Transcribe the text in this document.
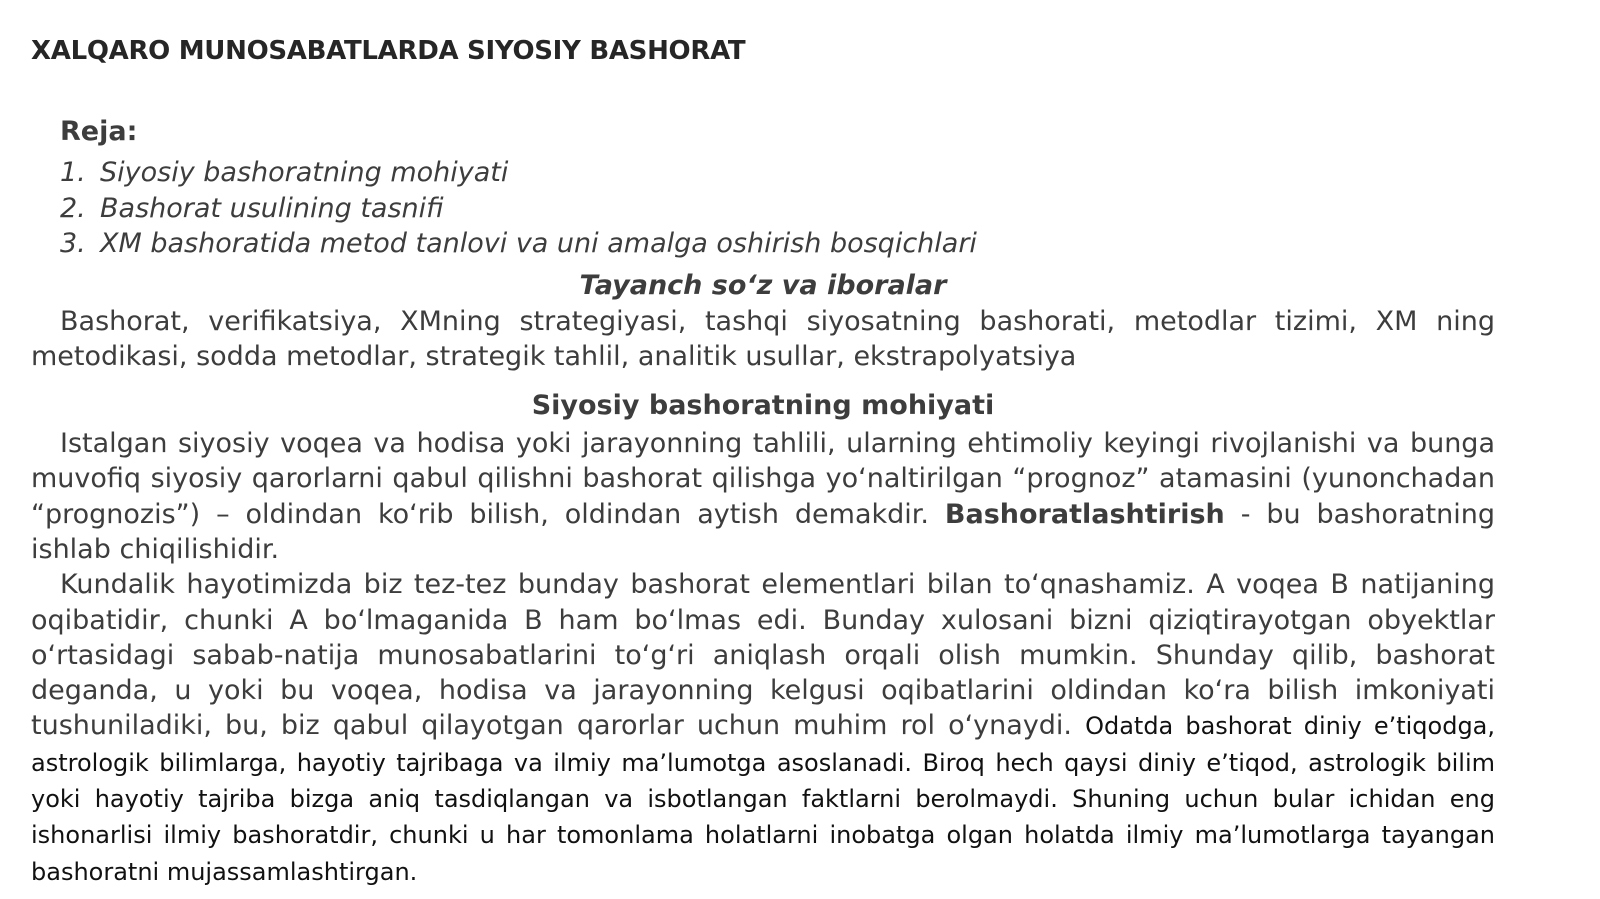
XALQARO MUNOSABATLARDA SIYOSIY BASHORAT
Reja:
1. Siyosiy bashoratning mohiyati
2. Bashorat usulining tasnifi
3. XM bashoratida metod tanlovi va uni amalga oshirish bosqichlari
Tayanch so‘z va iboralar

Bashorat, verifikatsiya, XMning strategiyasi, tashqi siyosatning bashorati, metodlar tizimi, XM ning metodikasi, sodda metodlar, strategik tahlil, analitik usullar, ekstrapolyatsiya

Siyosiy bashoratning mohiyati

Istalgan siyosiy voqea va hodisa yoki jarayonning tahlili, ularning ehtimoliy keyingi rivojlanishi va bunga muvofiq siyosiy qarorlarni qabul qilishni bashorat qilishga yo‘naltirilgan “prognoz” atamasini (yunonchadan “prognozis”) – oldindan ko‘rib bilish, oldindan aytish demakdir. Bashoratlashtirish - bu bashoratning ishlab chiqilishidir.

Kundalik hayotimizda biz tez-tez bunday bashorat elementlari bilan to‘qnashamiz. A voqea B natijaning oqibatidir, chunki A bo‘lmaganida B ham bo‘lmas edi. Bunday xulosani bizni qiziqtirayotgan obyektlar o‘rtasidagi sabab-natija munosabatlarini to‘g‘ri aniqlash orqali olish mumkin. Shunday qilib, bashorat deganda, u yoki bu voqea, hodisa va jarayonning kelgusi oqibatlarini oldindan ko‘ra bilish imkoniyati tushuniladiki, bu, biz qabul qilayotgan qarorlar uchun muhim rol o‘ynaydi. Odatda bashorat diniy e’tiqodga, astrologik bilimlarga, hayotiy tajribaga va ilmiy ma’lumotga asoslanadi. Biroq hech qaysi diniy e’tiqod, astrologik bilim yoki hayotiy tajriba bizga aniq tasdiqlangan va isbotlangan faktlarni berolmaydi. Shuning uchun bular ichidan eng ishonarlisi ilmiy bashoratdir, chunki u har tomonlama holatlarni inobatga olgan holatda ilmiy ma’lumotlarga tayangan bashoratni mujassamlashtirgan.
